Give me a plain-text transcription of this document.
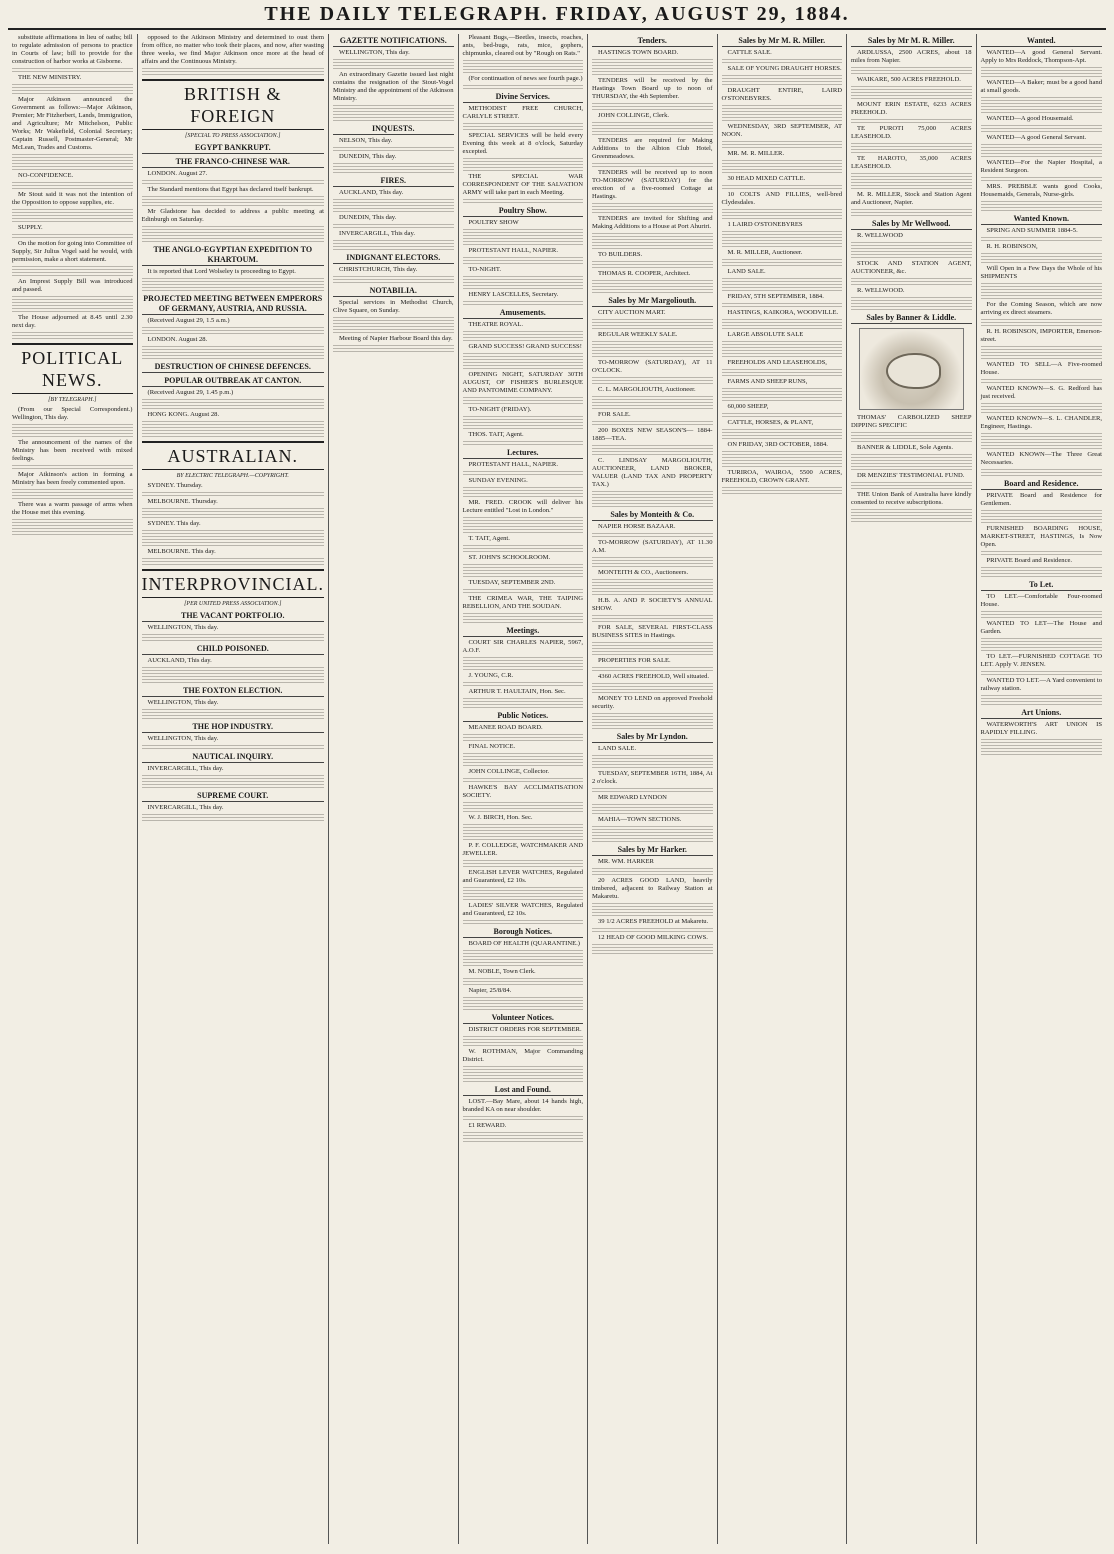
THE DAILY TELEGRAPH. FRIDAY, AUGUST 29, 1884.
substitute affirmations in lieu of oaths; bill to regulate admission of persons to practice in Courts of law; bill to provide for the construction of harbor works at Gisborne.
THE NEW MINISTRY.
Major Atkinson announced the Government as follows:—Major Atkinson, Premier; Mr Fitzherbert, Lands, Immigration, and Agriculture; Mr Mitchelson, Public Works; Mr Wakefield, Colonial Secretary; Captain Russell, Postmaster-General; Mr McLean, Trades and Customs.
NO-CONFIDENCE.
Mr Stout said it was not the intention of the Opposition to oppose supplies, etc.
SUPPLY.
On the motion for going into Committee of Supply, Sir Julius Vogel said he would, with permission, make a short statement.
An Imprest Supply Bill was introduced and passed.
The House adjourned at 8.45 until 2.30 next day.
POLITICAL NEWS.
[BY TELEGRAPH.]
(From our Special Correspondent.) Wellington, This day.
The announcement of the names of the Ministry has been received with mixed feelings.
Major Atkinson's action in forming a Ministry has been freely commented upon.
There was a warm passage of arms when the House met this evening.
opposed to the Atkinson Ministry and determined to oust them from office, no matter who took their places, and now, after wasting three weeks, we find Major Atkinson once more at the head of affairs and the Continuous Ministry.
BRITISH & FOREIGN
[SPECIAL TO PRESS ASSOCIATION.]
EGYPT BANKRUPT.
THE FRANCO-CHINESE WAR.
LONDON. August 27.
The Standard mentions that Egypt has declared itself bankrupt.
Mr Gladstone has decided to address a public meeting at Edinburgh on Saturday.
THE ANGLO-EGYPTIAN EXPEDITION TO KHARTOUM.
It is reported that Lord Wolseley is proceeding to Egypt.
PROJECTED MEETING BETWEEN EMPERORS OF GERMANY, AUSTRIA, AND RUSSIA.
(Received August 29, 1.5 a.m.)
LONDON. August 28.
DESTRUCTION OF CHINESE DEFENCES.
POPULAR OUTBREAK AT CANTON.
(Received August 29, 1.45 p.m.)
HONG KONG. August 28.
AUSTRALIAN.
BY ELECTRIC TELEGRAPH.—COPYRIGHT.
SYDNEY. Thursday.
MELBOURNE. Thursday.
SYDNEY. This day.
MELBOURNE. This day.
INTERPROVINCIAL.
[PER UNITED PRESS ASSOCIATION.]
THE VACANT PORTFOLIO.
WELLINGTON, This day.
CHILD POISONED.
AUCKLAND, This day.
THE FOXTON ELECTION.
WELLINGTON, This day.
THE HOP INDUSTRY.
WELLINGTON, This day.
NAUTICAL INQUIRY.
INVERCARGILL, This day.
SUPREME COURT.
INVERCARGILL, This day.
GAZETTE NOTIFICATIONS.
WELLINGTON, This day.
An extraordinary Gazette issued last night contains the resignation of the Stout-Vogel Ministry and the appointment of the Atkinson Ministry.
INQUESTS.
NELSON, This day.
DUNEDIN, This day.
FIRES.
AUCKLAND, This day.
DUNEDIN, This day.
INVERCARGILL, This day.
INDIGNANT ELECTORS.
CHRISTCHURCH, This day.
NOTABILIA.
Special services in Methodist Church, Clive Square, on Sunday.
Meeting of Napier Harbour Board this day.
Pleasant Bugs,—Beetles, insects, roaches, ants, bed-bugs, rats, mice, gophers, chipmunks, cleared out by "Rough on Rats."
(For continuation of news see fourth page.)
Divine Services.
METHODIST FREE CHURCH, CARLYLE STREET.
SPECIAL SERVICES will be held every Evening this week at 8 o'clock, Saturday excepted.
THE SPECIAL WAR CORRESPONDENT OF THE SALVATION ARMY will take part in each Meeting.
Poultry Show.
POULTRY SHOW
PROTESTANT HALL, NAPIER.
TO-NIGHT.
HENRY LASCELLES, Secretary.
Amusements.
THEATRE ROYAL.
GRAND SUCCESS! GRAND SUCCESS!
OPENING NIGHT, SATURDAY 30TH AUGUST, OF FISHER'S BURLESQUE AND PANTOMIME COMPANY.
TO-NIGHT (FRIDAY).
THOS. TAIT, Agent.
Lectures.
PROTESTANT HALL, NAPIER.
SUNDAY EVENING.
MR. FRED. CROOK will deliver his Lecture entitled "Lost in London."
T. TAIT, Agent.
ST. JOHN'S SCHOOLROOM.
TUESDAY, SEPTEMBER 2ND.
THE CRIMEA WAR, THE TAIPING REBELLION, AND THE SOUDAN.
Meetings.
COURT SIR CHARLES NAPIER, 5967, A.O.F.
J. YOUNG, C.R.
ARTHUR T. HAULTAIN, Hon. Sec.
Public Notices.
MEANEE ROAD BOARD.
FINAL NOTICE.
JOHN COLLINGE, Collector.
HAWKE'S BAY ACCLIMATISATION SOCIETY.
W. J. BIRCH, Hon. Sec.
P. F. COLLEDGE, WATCHMAKER AND JEWELLER.
ENGLISH LEVER WATCHES, Regulated and Guaranteed, £2 10s.
LADIES' SILVER WATCHES, Regulated and Guaranteed, £2 10s.
Borough Notices.
BOARD OF HEALTH (QUARANTINE.)
M. NOBLE, Town Clerk.
Napier, 25/8/84.
Volunteer Notices.
DISTRICT ORDERS FOR SEPTEMBER.
W. ROTHMAN, Major Commanding District.
Lost and Found.
LOST.—Bay Mare, about 14 hands high, branded KA on near shoulder.
£1 REWARD.
Tenders.
HASTINGS TOWN BOARD.
TENDERS will be received by the Hastings Town Board up to noon of THURSDAY, the 4th September.
JOHN COLLINGE, Clerk.
TENDERS are required for Making Additions to the Albion Club Hotel, Greenmeadows.
TENDERS will be received up to noon TO-MORROW (SATURDAY) for the erection of a five-roomed Cottage at Hastings.
TENDERS are invited for Shifting and Making Additions to a House at Port Ahuriri.
TO BUILDERS.
THOMAS R. COOPER, Architect.
Sales by Mr Margoliouth.
CITY AUCTION MART.
REGULAR WEEKLY SALE.
TO-MORROW (SATURDAY), AT 11 O'CLOCK.
C. L. MARGOLIOUTH, Auctioneer.
FOR SALE.
200 BOXES NEW SEASON'S— 1884-1885—TEA.
C. LINDSAY MARGOLIOUTH, AUCTIONEER, LAND BROKER, VALUER (LAND TAX AND PROPERTY TAX.)
Sales by Monteith & Co.
NAPIER HORSE BAZAAR.
TO-MORROW (SATURDAY), AT 11.30 A.M.
MONTEITH & CO., Auctioneers.
H.B. A. AND P. SOCIETY'S ANNUAL SHOW.
FOR SALE, SEVERAL FIRST-CLASS BUSINESS SITES in Hastings.
PROPERTIES FOR SALE.
4360 ACRES FREEHOLD, Well situated.
MONEY TO LEND on approved Freehold security.
Sales by Mr Lyndon.
LAND SALE.
TUESDAY, SEPTEMBER 16TH, 1884, At 2 o'clock.
MR EDWARD LYNDON
MAHIA—TOWN SECTIONS.
Sales by Mr Harker.
MR. WM. HARKER
20 ACRES GOOD LAND, heavily timbered, adjacent to Railway Station at Makaretu.
39 1/2 ACRES FREEHOLD at Makaretu.
12 HEAD OF GOOD MILKING COWS.
Sales by Mr M. R. Miller.
CATTLE SALE.
SALE OF YOUNG DRAUGHT HORSES.
DRAUGHT ENTIRE, LAIRD O'STONEBYRES.
WEDNESDAY, 3RD SEPTEMBER, AT NOON.
MR. M. R. MILLER.
30 HEAD MIXED CATTLE.
10 COLTS AND FILLIES, well-bred Clydesdales.
1 LAIRD O'STONEBYRES
M. R. MILLER, Auctioneer.
LAND SALE.
FRIDAY, 5TH SEPTEMBER, 1884.
HASTINGS, KAIKORA, WOODVILLE.
LARGE ABSOLUTE SALE
FREEHOLDS AND LEASEHOLDS,
FARMS AND SHEEP RUNS,
60,000 SHEEP,
CATTLE, HORSES, & PLANT,
ON FRIDAY, 3RD OCTOBER, 1884.
TURIROA, WAIROA, 5500 ACRES, FREEHOLD, CROWN GRANT.
Sales by Mr M. R. Miller.
ARDLUSSA, 2500 ACRES, about 18 miles from Napier.
WAIKARE, 500 ACRES FREEHOLD.
MOUNT ERIN ESTATE, 6233 ACRES FREEHOLD.
TE PUROTI 75,000 ACRES LEASEHOLD.
TE HAROTO, 35,000 ACRES LEASEHOLD.
M. R. MILLER, Stock and Station Agent and Auctioneer, Napier.
Sales by Mr Wellwood.
R. WELLWOOD
STOCK AND STATION AGENT, AUCTIONEER, &c.
R. WELLWOOD.
Sales by Banner & Liddle.
THOMAS' CARBOLIZED SHEEP DIPPING SPECIFIC
BANNER & LIDDLE, Sole Agents.
DR MENZIES' TESTIMONIAL FUND.
THE Union Bank of Australia have kindly consented to receive subscriptions.
Wanted.
WANTED—A good General Servant. Apply to Mrs Reddock, Thompson-Apt.
WANTED—A Baker; must be a good hand at small goods.
WANTED—A good Housemaid.
WANTED—A good General Servant.
WANTED—For the Napier Hospital, a Resident Surgeon.
MRS. PREBBLE wants good Cooks, Housemaids, Generals, Nurse-girls.
Wanted Known.
SPRING AND SUMMER 1884-5.
R. H. ROBINSON,
Will Open in a Few Days the Whole of his SHIPMENTS
For the Coming Season, which are now arriving ex direct steamers.
R. H. ROBINSON, IMPORTER, Emerson-street.
WANTED TO SELL—A Five-roomed House.
WANTED KNOWN—S. G. Redford has just received.
WANTED KNOWN—S. L. CHANDLER, Engineer, Hastings.
WANTED KNOWN—The Three Great Necessaries.
Board and Residence.
PRIVATE Board and Residence for Gentlemen.
FURNISHED BOARDING HOUSE, MARKET-STREET, HASTINGS, Is Now Open.
PRIVATE Board and Residence.
To Let.
TO LET.—Comfortable Four-roomed House.
WANTED TO LET—The House and Garden.
TO LET.—FURNISHED COTTAGE TO LET. Apply V. JENSEN.
WANTED TO LET.—A Yard convenient to railway station.
Art Unions.
WATERWORTH'S ART UNION IS RAPIDLY FILLING.
